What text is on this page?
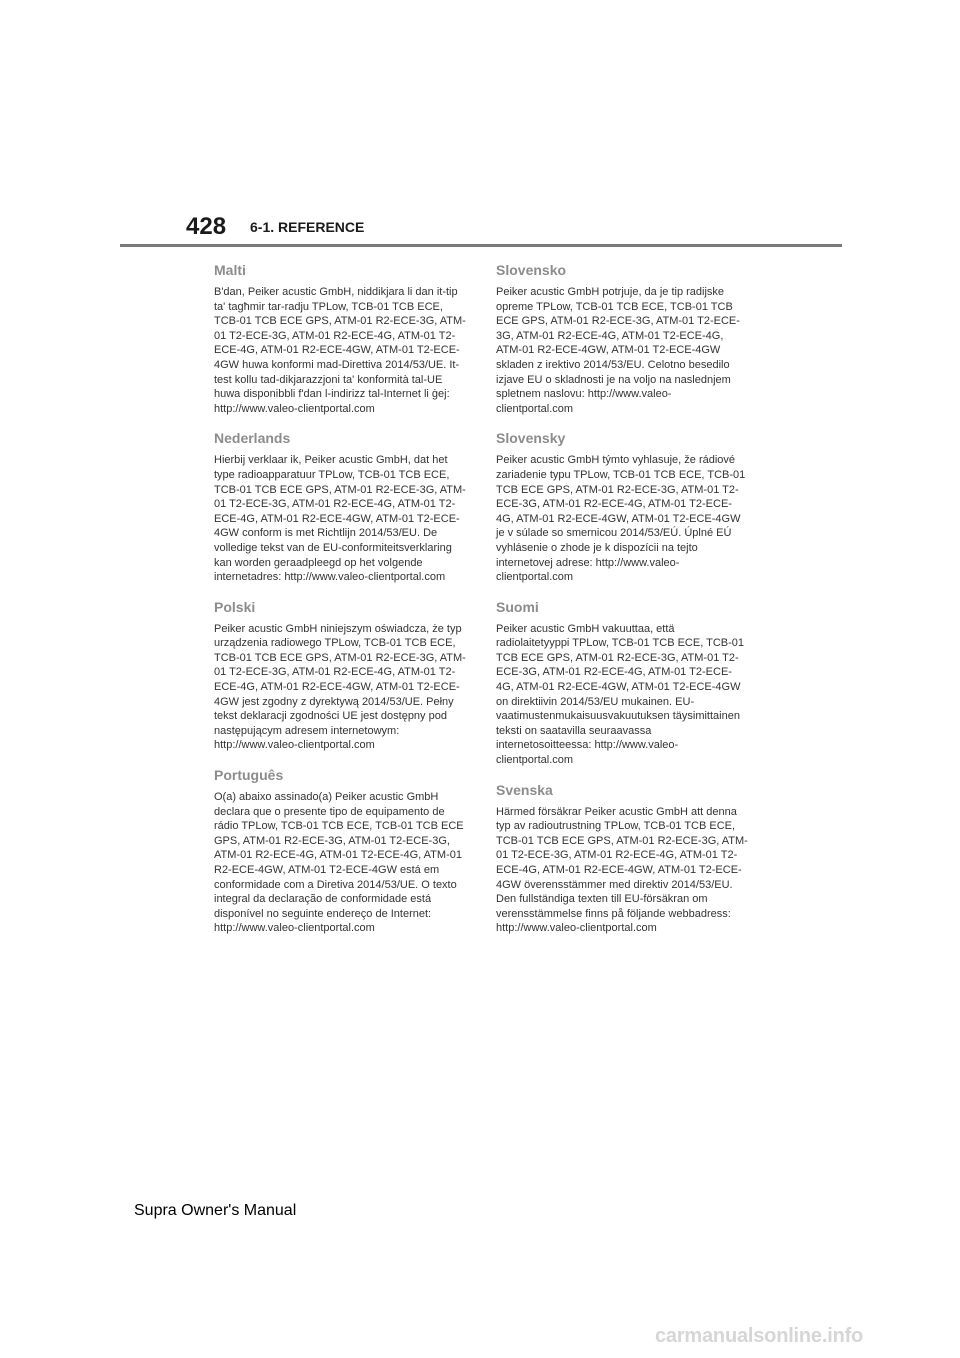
428 6-1. REFERENCE
Malti

B'dan, Peiker acustic GmbH, niddikjara li dan it-tip ta' tagħmir tar-radju TPLow, TCB-01 TCB ECE, TCB-01 TCB ECE GPS, ATM-01 R2-ECE-3G, ATM-01 T2-ECE-3G, ATM-01 R2-ECE-4G, ATM-01 T2-ECE-4G, ATM-01 R2-ECE-4GW, ATM-01 T2-ECE-4GW huwa konformi mad-Direttiva 2014/53/UE. It-test kollu tad-dikjarazzjoni ta' konformità tal-UE huwa disponibbli f'dan l-indirizz tal-Internet li ġej: http://www.valeo-clientportal.com

Nederlands

Hierbij verklaar ik, Peiker acustic GmbH, dat het type radioapparatuur TPLow, TCB-01 TCB ECE, TCB-01 TCB ECE GPS, ATM-01 R2-ECE-3G, ATM-01 T2-ECE-3G, ATM-01 R2-ECE-4G, ATM-01 T2-ECE-4G, ATM-01 R2-ECE-4GW, ATM-01 T2-ECE-4GW conform is met Richtlijn 2014/53/EU. De volledige tekst van de EU-conformiteitsverklaring kan worden geraadpleegd op het volgende internetadres: http://www.valeo-clientportal.com

Polski

Peiker acustic GmbH niniejszym oświadcza, że typ urządzenia radiowego TPLow, TCB-01 TCB ECE, TCB-01 TCB ECE GPS, ATM-01 R2-ECE-3G, ATM-01 T2-ECE-3G, ATM-01 R2-ECE-4G, ATM-01 T2-ECE-4G, ATM-01 R2-ECE-4GW, ATM-01 T2-ECE-4GW jest zgodny z dyrektywą 2014/53/UE. Pełny tekst deklaracji zgodności UE jest dostępny pod następującym adresem internetowym: http://www.valeo-clientportal.com

Português

O(a) abaixo assinado(a) Peiker acustic GmbH declara que o presente tipo de equipamento de rádio TPLow, TCB-01 TCB ECE, TCB-01 TCB ECE GPS, ATM-01 R2-ECE-3G, ATM-01 T2-ECE-3G, ATM-01 R2-ECE-4G, ATM-01 T2-ECE-4G, ATM-01 R2-ECE-4GW, ATM-01 T2-ECE-4GW está em conformidade com a Diretiva 2014/53/UE. O texto integral da declaração de conformidade está disponível no seguinte endereço de Internet: http://www.valeo-clientportal.com

Slovensko

Peiker acustic GmbH potrjuje, da je tip radijske opreme TPLow, TCB-01 TCB ECE, TCB-01 TCB ECE GPS, ATM-01 R2-ECE-3G, ATM-01 T2-ECE-3G, ATM-01 R2-ECE-4G, ATM-01 T2-ECE-4G, ATM-01 R2-ECE-4GW, ATM-01 T2-ECE-4GW skladen z irektivo 2014/53/EU. Celotno besedilo izjave EU o skladnosti je na voljo na naslednjem spletnem naslovu: http://www.valeo-clientportal.com

Slovensky

Peiker acustic GmbH týmto vyhlasuje, že rádiové zariadenie typu TPLow, TCB-01 TCB ECE, TCB-01 TCB ECE GPS, ATM-01 R2-ECE-3G, ATM-01 T2-ECE-3G, ATM-01 R2-ECE-4G, ATM-01 T2-ECE-4G, ATM-01 R2-ECE-4GW, ATM-01 T2-ECE-4GW je v súlade so smernicou 2014/53/EÚ. Úplné EÚ vyhlásenie o zhode je k dispozícii na tejto internetovej adrese: http://www.valeo-clientportal.com

Suomi

Peiker acustic GmbH vakuuttaa, että radiolaitetyyppi TPLow, TCB-01 TCB ECE, TCB-01 TCB ECE GPS, ATM-01 R2-ECE-3G, ATM-01 T2-ECE-3G, ATM-01 R2-ECE-4G, ATM-01 T2-ECE-4G, ATM-01 R2-ECE-4GW, ATM-01 T2-ECE-4GW on direktiivin 2014/53/EU mukainen. EU-vaatimustenmukaisuusvakuutuksen täysimittainen teksti on saatavilla seuraavassa internetosoitteessa: http://www.valeo-clientportal.com

Svenska

Härmed försäkrar Peiker acustic GmbH att denna typ av radioutrustning TPLow, TCB-01 TCB ECE, TCB-01 TCB ECE GPS, ATM-01 R2-ECE-3G, ATM-01 T2-ECE-3G, ATM-01 R2-ECE-4G, ATM-01 T2-ECE-4G, ATM-01 R2-ECE-4GW, ATM-01 T2-ECE-4GW överensstämmer med direktiv 2014/53/EU. Den fullständiga texten till EU-försäkran om verensstämmelse finns på följande webbadress: http://www.valeo-clientportal.com

Supra Owner's Manual
carmanualsonline.info
